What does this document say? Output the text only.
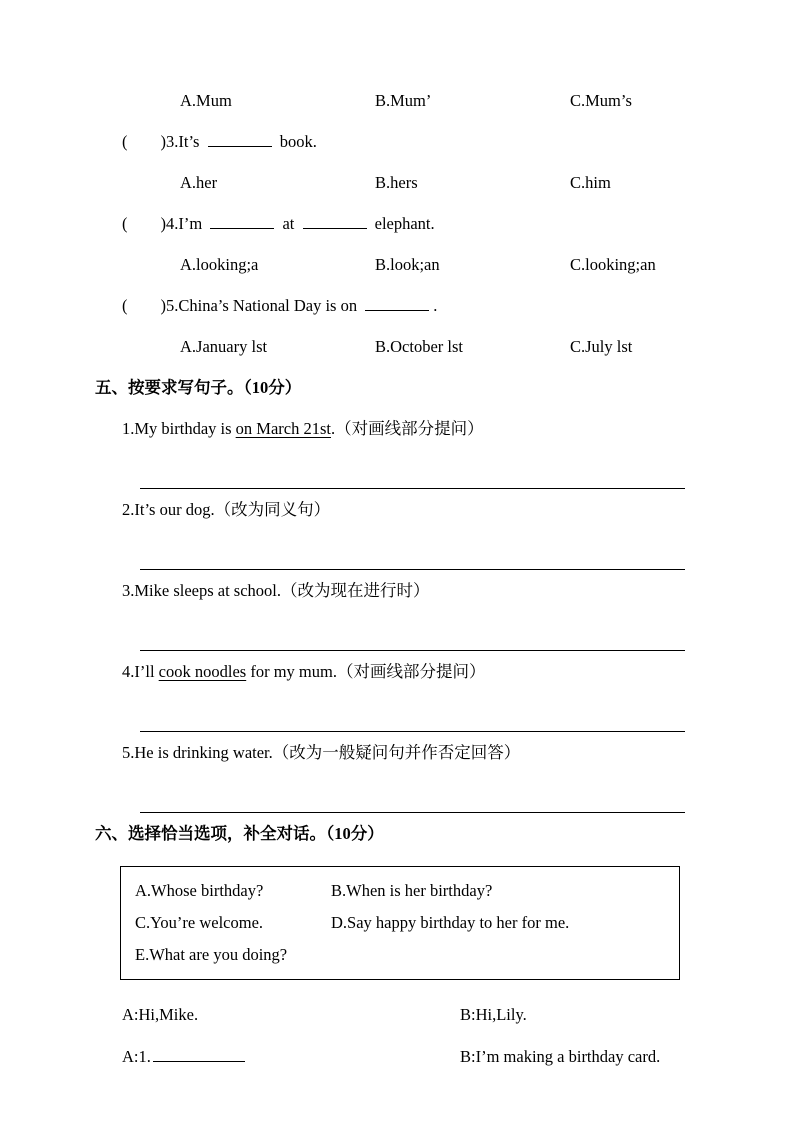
A.Mum	B.Mum’	C.Mum’s
(        )3.It’s	book.
A.her	B.hers	C.him
(        )4.I’m	at	elephant.
A.looking;a	B.look;an	C.looking;an
(        )5.China’s National Day is on	.
A.January lst	B.October lst	C.July lst
五、按要求写句子。（10分）
1.My birthday is on March 21st.（对画线部分提问）
2.It’s our dog.（改为同义句）
3.Mike sleeps at school.（改为现在进行时）
4.I’ll cook noodles for my mum.（对画线部分提问）
5.He is drinking water.（改为一般疑问句并作否定回答）
六、选择恰当选项，补全对话。（10分）
A.Whose birthday?	B.When is her birthday?
C.You’re welcome.	D.Say happy birthday to her for me.
E.What are you doing?
A:Hi,Mike.	B:Hi,Lily.
A:1.	B:I’m making a birthday card.
